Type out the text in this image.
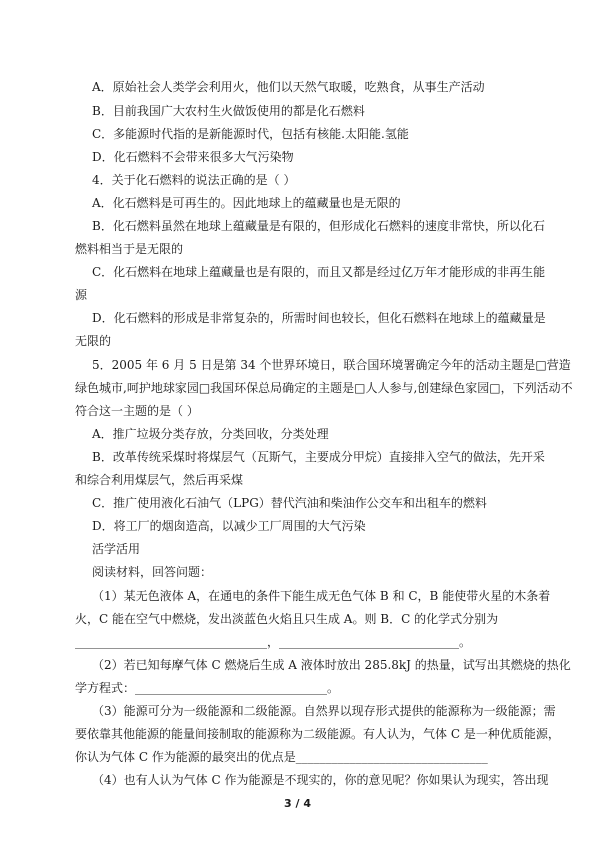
A．原始社会人类学会利用火，他们以天然气取暖，吃熟食，从事生产活动
B．目前我国广大农村生火做饭使用的都是化石燃料
C．多能源时代指的是新能源时代，包括有核能.太阳能.氢能
D．化石燃料不会带来很多大气污染物
4．关于化石燃料的说法正确的是（ ）
A．化石燃料是可再生的。因此地球上的蕴藏量也是无限的
B．化石燃料虽然在地球上蕴藏量是有限的，但形成化石燃料的速度非常快，所以化石
燃料相当于是无限的
C．化石燃料在地球上蕴藏量也是有限的，而且又都是经过亿万年才能形成的非再生能
源
D．化石燃料的形成是非常复杂的，所需时间也较长，但化石燃料在地球上的蕴藏量是
无限的
5．2005 年 6 月 5 日是第 34 个世界环境日，联合国环境署确定今年的活动主题是□营造
绿色城市,呵护地球家园□我国环保总局确定的主题是□人人参与,创建绿色家园□，下列活动不
符合这一主题的是（ ）
A．推广垃圾分类存放，分类回收，分类处理
B．改革传统采煤时将煤层气（瓦斯气，主要成分甲烷）直接排入空气的做法，先开采
和综合利用煤层气，然后再采煤
C．推广使用液化石油气（LPG）替代汽油和柴油作公交车和出租车的燃料
D．将工厂的烟囱造高，以减少工厂周围的大气污染
活学活用
阅读材料，回答问题：
（1）某无色液体 A，在通电的条件下能生成无色气体 B 和 C，B 能使带火星的木条着
火，C 能在空气中燃烧，发出淡蓝色火焰且只生成 A。则 B．C 的化学式分别为
________________________________，______________________________。
（2）若已知每摩气体 C 燃烧后生成 A 液体时放出 285.8kJ 的热量，试写出其燃烧的热化
学方程式：________________________________。
（3）能源可分为一级能源和二级能源。自然界以现存形式提供的能源称为一级能源；需
要依靠其他能源的能量间接制取的能源称为二级能源。有人认为，气体 C 是一种优质能源，
你认为气体 C 作为能源的最突出的优点是________________________________
（4）也有人认为气体 C 作为能源是不现实的，你的意见呢？你如果认为现实，答出现
3 / 4
